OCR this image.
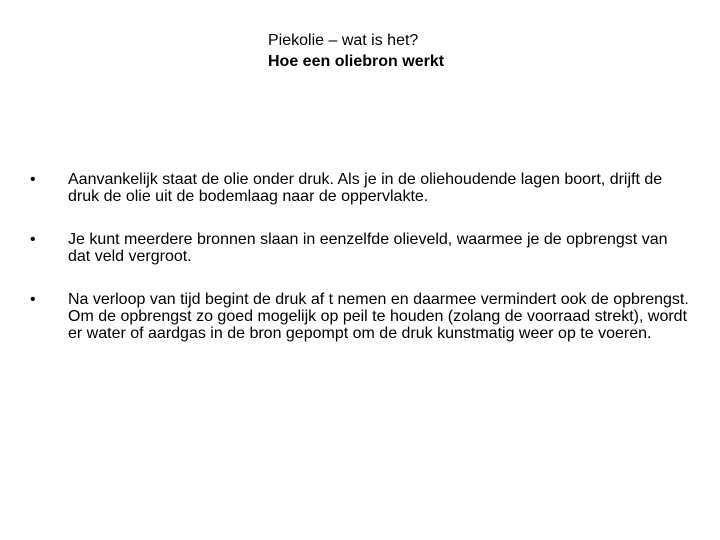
Piekolie – wat is het?
Hoe een oliebron werkt
•	Aanvankelijk staat de olie onder druk. Als je in de oliehoudende lagen boort, drijft de druk de olie uit de bodemlaag naar de oppervlakte.
•	Je kunt meerdere bronnen slaan in eenzelfde olieveld, waarmee je de opbrengst van dat veld vergroot.
•	Na verloop van tijd begint de druk af t nemen en daarmee vermindert ook de opbrengst. Om de opbrengst zo goed mogelijk op peil te houden (zolang de voorraad strekt), wordt er water of aardgas in de bron gepompt om de druk kunstmatig weer op te voeren.
